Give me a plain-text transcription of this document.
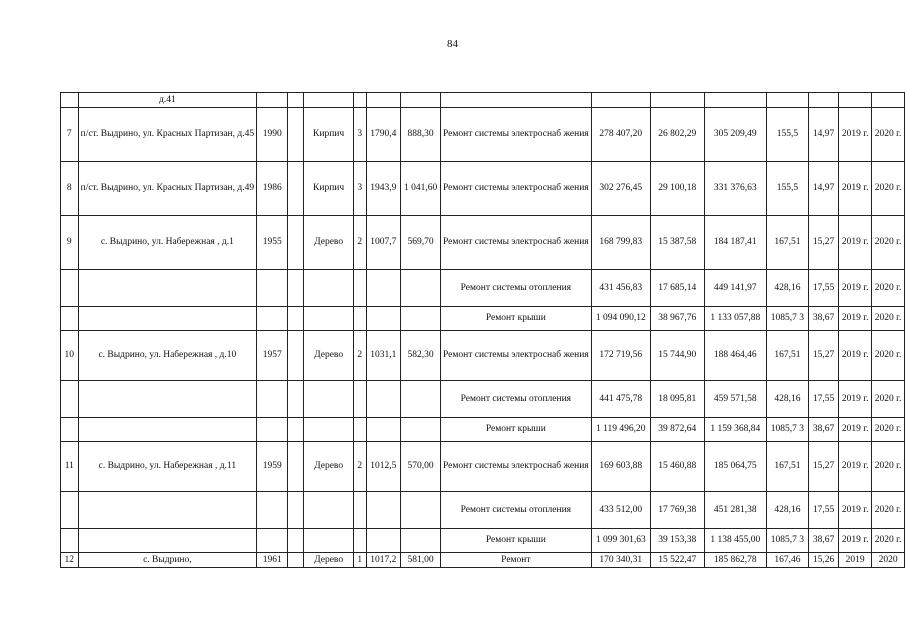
84
	д.41														
7	п/ст. Выдрино, ул. Красных Партизан, д.45	1990		Кирпич	3	1790,4	888,30	Ремонт системы электроснаб жения	278 407,20	26 802,29	305 209,49	155,5	14,97	2019 г.	2020 г.
8	п/ст. Выдрино, ул. Красных Партизан, д.49	1986		Кирпич	3	1943,9	1 041,60	Ремонт системы электроснаб жения	302 276,45	29 100,18	331 376,63	155,5	14,97	2019 г.	2020 г.
9	с. Выдрино, ул. Набережная , д.1	1955		Дерево	2	1007,7	569,70	Ремонт системы электроснаб жения	168 799,83	15 387,58	184 187,41	167,51	15,27	2019 г.	2020 г.
								Ремонт системы отопления	431 456,83	17 685,14	449 141,97	428,16	17,55	2019 г.	2020 г.
								Ремонт крыши	1 094 090,12	38 967,76	1 133 057,88	1085,7 3	38,67	2019 г.	2020 г.
10	с. Выдрино, ул. Набережная , д.10	1957		Дерево	2	1031,1	582,30	Ремонт системы электроснаб жения	172 719,56	15 744,90	188 464,46	167,51	15,27	2019 г.	2020 г.
								Ремонт системы отопления	441 475,78	18 095,81	459 571,58	428,16	17,55	2019 г.	2020 г.
								Ремонт крыши	1 119 496,20	39 872,64	1 159 368,84	1085,7 3	38,67	2019 г.	2020 г.
11	с. Выдрино, ул. Набережная , д.11	1959		Дерево	2	1012,5	570,00	Ремонт системы электроснаб жения	169 603,88	15 460,88	185 064,75	167,51	15,27	2019 г.	2020 г.
								Ремонт системы отопления	433 512,00	17 769,38	451 281,38	428,16	17,55	2019 г.	2020 г.
								Ремонт крыши	1 099 301,63	39 153,38	1 138 455,00	1085,7 3	38,67	2019 г.	2020 г.
12	с. Выдрино,	1961		Дерево	1	1017,2	581,00	Ремонт	170 340,31	15 522,47	185 862,78	167,46	15,26	2019	2020
